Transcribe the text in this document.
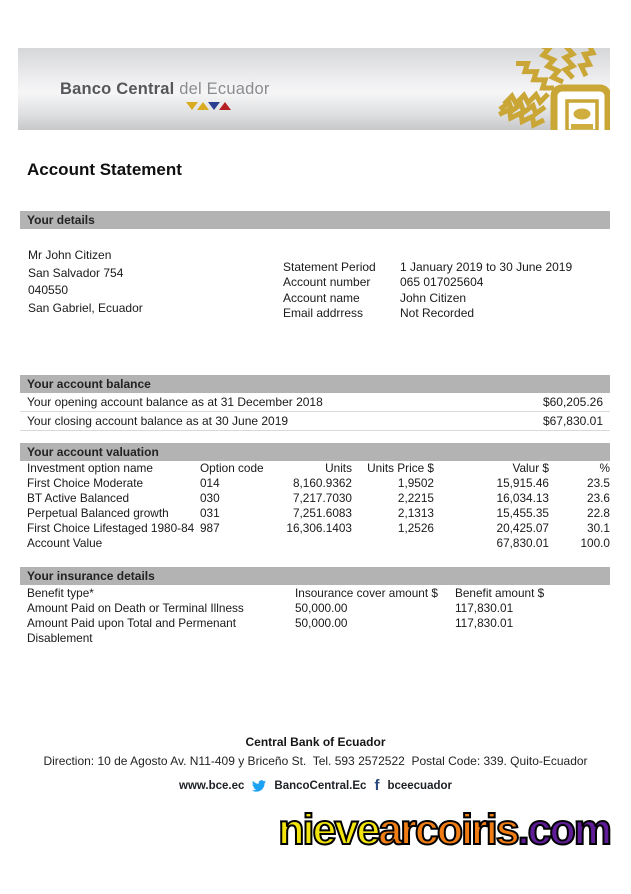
Banco Central del Ecuador
Account Statement
Your details
Mr John Citizen
San Salvador 754
040550
San Gabriel, Ecuador
Statement Period	1 January 2019 to 30 June 2019
Account number	065 017025604
Account name	John Citizen
Email addrress	Not Recorded
Your account balance
Your opening account balance as at 31 December 2018	$60,205.26
Your closing account balance as at 30 June 2019	$67,830.01
Your account valuation
Investment option name	Option code	Units	Units Price $	Valur $	%
First Choice Moderate	014	8,160.9362	1,9502	15,915.46	23.5
BT Active Balanced	030	7,217.7030	2,2215	16,034.13	23.6
Perpetual Balanced growth	031	7,251.6083	2,1313	15,455.35	22.8
First Choice Lifestaged 1980-84	987	16,306.1403	1,2526	20,425.07	30.1
Account Value				67,830.01	100.0
Your insurance details
Benefit type*	Insourance cover amount $	Benefit amount $
Amount Paid on Death or Terminal Illness	50,000.00	117,830.01
Amount Paid upon Total and Permenant Disablement	50,000.00	117,830.01
Central Bank of Ecuador
Direction: 10 de Agosto Av. N11-409 y Briceño St.  Tel. 593 2572522  Postal Code: 339. Quito-Ecuador
www.bce.ec	BancoCentral.Ec f bceecuador
nieve arcoiris .com
